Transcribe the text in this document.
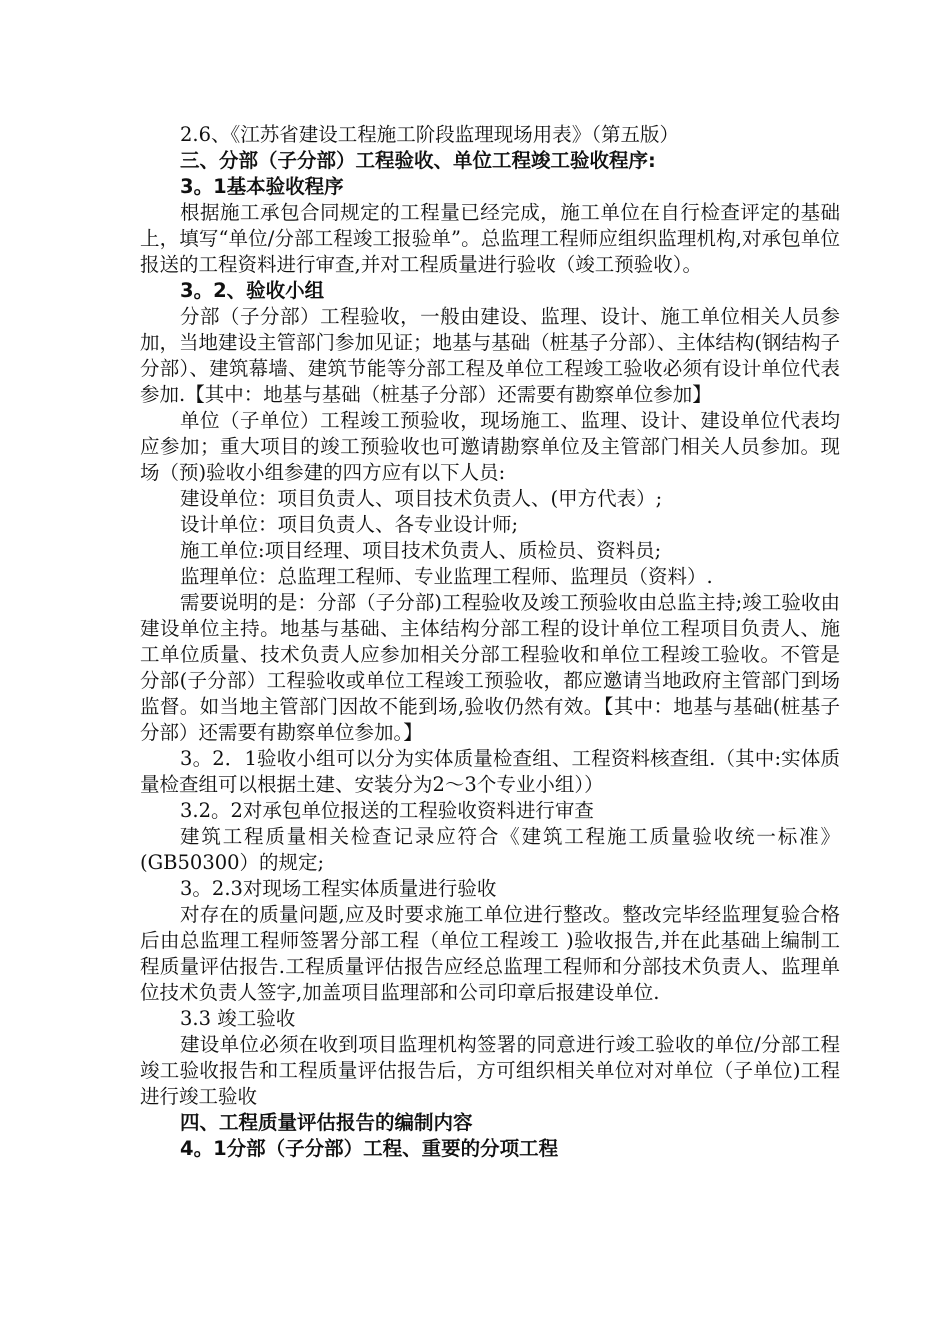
2.6、《江苏省建设工程施工阶段监理现场用表》（第五版）

三、分部（子分部）工程验收、单位工程竣工验收程序:

3。1基本验收程序

根据施工承包合同规定的工程量已经完成，施工单位在自行检查评定的基础上，填写“单位/分部工程竣工报验单”。总监理工程师应组织监理机构,对承包单位报送的工程资料进行审查,并对工程质量进行验收（竣工预验收）。

3。2、验收小组

分部（子分部）工程验收，一般由建设、监理、设计、施工单位相关人员参加，当地建设主管部门参加见证；地基与基础（桩基子分部）、主体结构(钢结构子分部）、建筑幕墙、建筑节能等分部工程及单位工程竣工验收必须有设计单位代表参加.【其中：地基与基础（桩基子分部）还需要有勘察单位参加】

单位（子单位）工程竣工预验收，现场施工、监理、设计、建设单位代表均应参加；重大项目的竣工预验收也可邀请勘察单位及主管部门相关人员参加。现场（预)验收小组参建的四方应有以下人员:

建设单位：项目负责人、项目技术负责人、(甲方代表）;

设计单位：项目负责人、各专业设计师;

施工单位:项目经理、项目技术负责人、质检员、资料员;

监理单位：总监理工程师、专业监理工程师、监理员（资料）.

需要说明的是：分部（子分部)工程验收及竣工预验收由总监主持;竣工验收由建设单位主持。地基与基础、主体结构分部工程的设计单位工程项目负责人、施工单位质量、技术负责人应参加相关分部工程验收和单位工程竣工验收。不管是分部(子分部）工程验收或单位工程竣工预验收，都应邀请当地政府主管部门到场监督。如当地主管部门因故不能到场,验收仍然有效。【其中：地基与基础(桩基子分部）还需要有勘察单位参加。】

3。2．1验收小组可以分为实体质量检查组、工程资料核查组.（其中:实体质量检查组可以根据土建、安装分为2～3个专业小组））

3.2。2对承包单位报送的工程验收资料进行审查

建筑工程质量相关检查记录应符合《建筑工程施工质量验收统一标准》(GB50300）的规定;

3。2.3对现场工程实体质量进行验收

对存在的质量问题,应及时要求施工单位进行整改。整改完毕经监理复验合格后由总监理工程师签署分部工程（单位工程竣工 )验收报告,并在此基础上编制工程质量评估报告.工程质量评估报告应经总监理工程师和分部技术负责人、监理单位技术负责人签字,加盖项目监理部和公司印章后报建设单位.

3.3 竣工验收

建设单位必须在收到项目监理机构签署的同意进行竣工验收的单位/分部工程竣工验收报告和工程质量评估报告后，方可组织相关单位对对单位（子单位)工程进行竣工验收

四、工程质量评估报告的编制内容

4。1分部（子分部）工程、重要的分项工程
